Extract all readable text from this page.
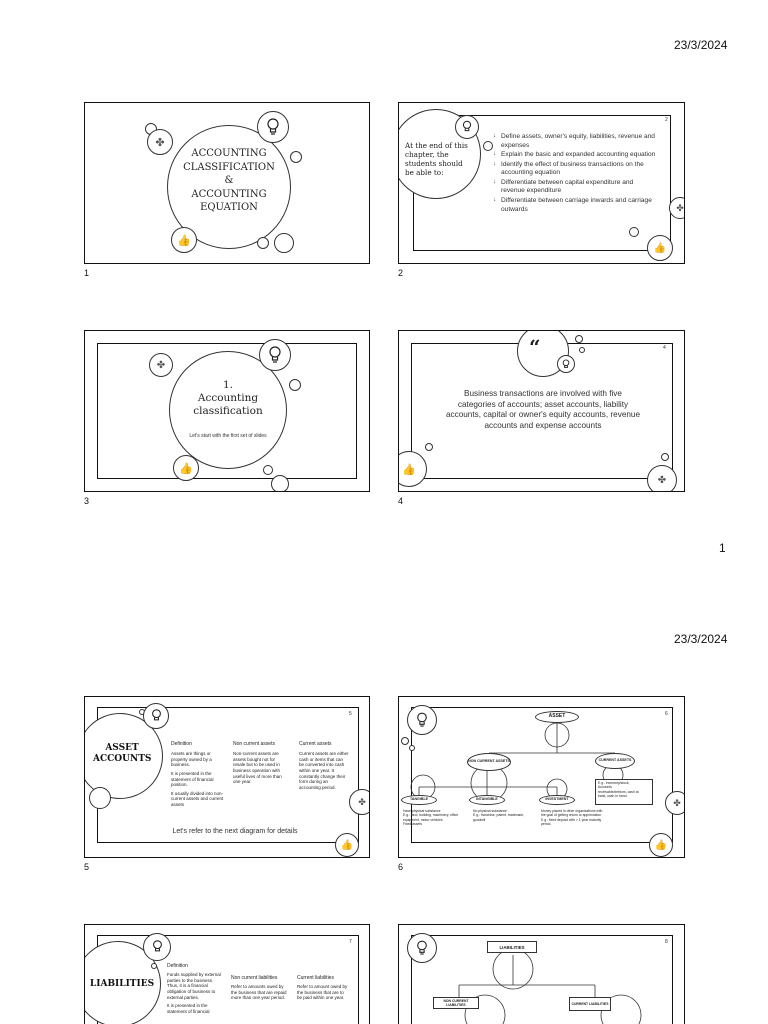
23/3/2024
✤
👍
ACCOUNTING
CLASSIFICATION
&
ACCOUNTING
EQUATION
1
✤
👍
2
At the end of this chapter, the students should be able to:
↓ Define assets, owner's equity, liabilities, revenue and expenses
↓ Explain the basic and expanded accounting equation
↓ Identify the effect of business transactions on the accounting equation
↓ Differentiate between capital expenditure and revenue expenditure
↓ Differentiate between carriage inwards and carriage outwards
2
✤
👍
1.
Accounting
classification
Let's start with the first set of slides
3
“	4
👍
✤
Business transactions are involved with five categories of accounts; asset accounts, liability accounts, capital or owner's equity accounts, revenue accounts and expense accounts
4
1
23/3/2024
5
✤
👍
ASSET
ACCOUNTS
Definition
Assets are things or property owned by a business.
It is presented in the statement of financial position.
It usually divided into non-current assets and current assets
Non current assets
Non-current assets are assets bought not for resale but to be used in business operation with useful lives of more than one year.
Current assets
Current assets are either cash or items that can be converted into cash within one year. It constantly change their form during an accounting period.
Let's refer to the next diagram for details
5
6
✤
👍
ASSET
NON CURRENT ASSETS	CURRENT ASSETS
TANGIBLE	INTANGIBLE	INVESTMENT
E.g.: inventory/stock,
Accounts
receivable/debtors, cash at
bank, cash in hand.
Have physical substance
E.g.: land, building, machinery, office equipment, motor vehicles
Fixed assets
No physical substance
E.g.: franchise, patent, trademark, goodwill
Money placed in other organizations with the goal of getting return or appreciation
E.g.: fixed deposit with > 1 year maturity period.
6
7
LIABILITIES
Definition
Funds supplied by external parties to the business. Thus, it is a financial obligation of business to external parties.
It is presented in the statement of financial
Non current liabilities
Refer to amounts owed by the business that are repaid more than one year period.
Current liabilities
Refer to amount owed by the business that are to be paid within one year.
8
LIABILITIES
NON CURRENT LIABILITIES	CURRENT LIABILITIES
